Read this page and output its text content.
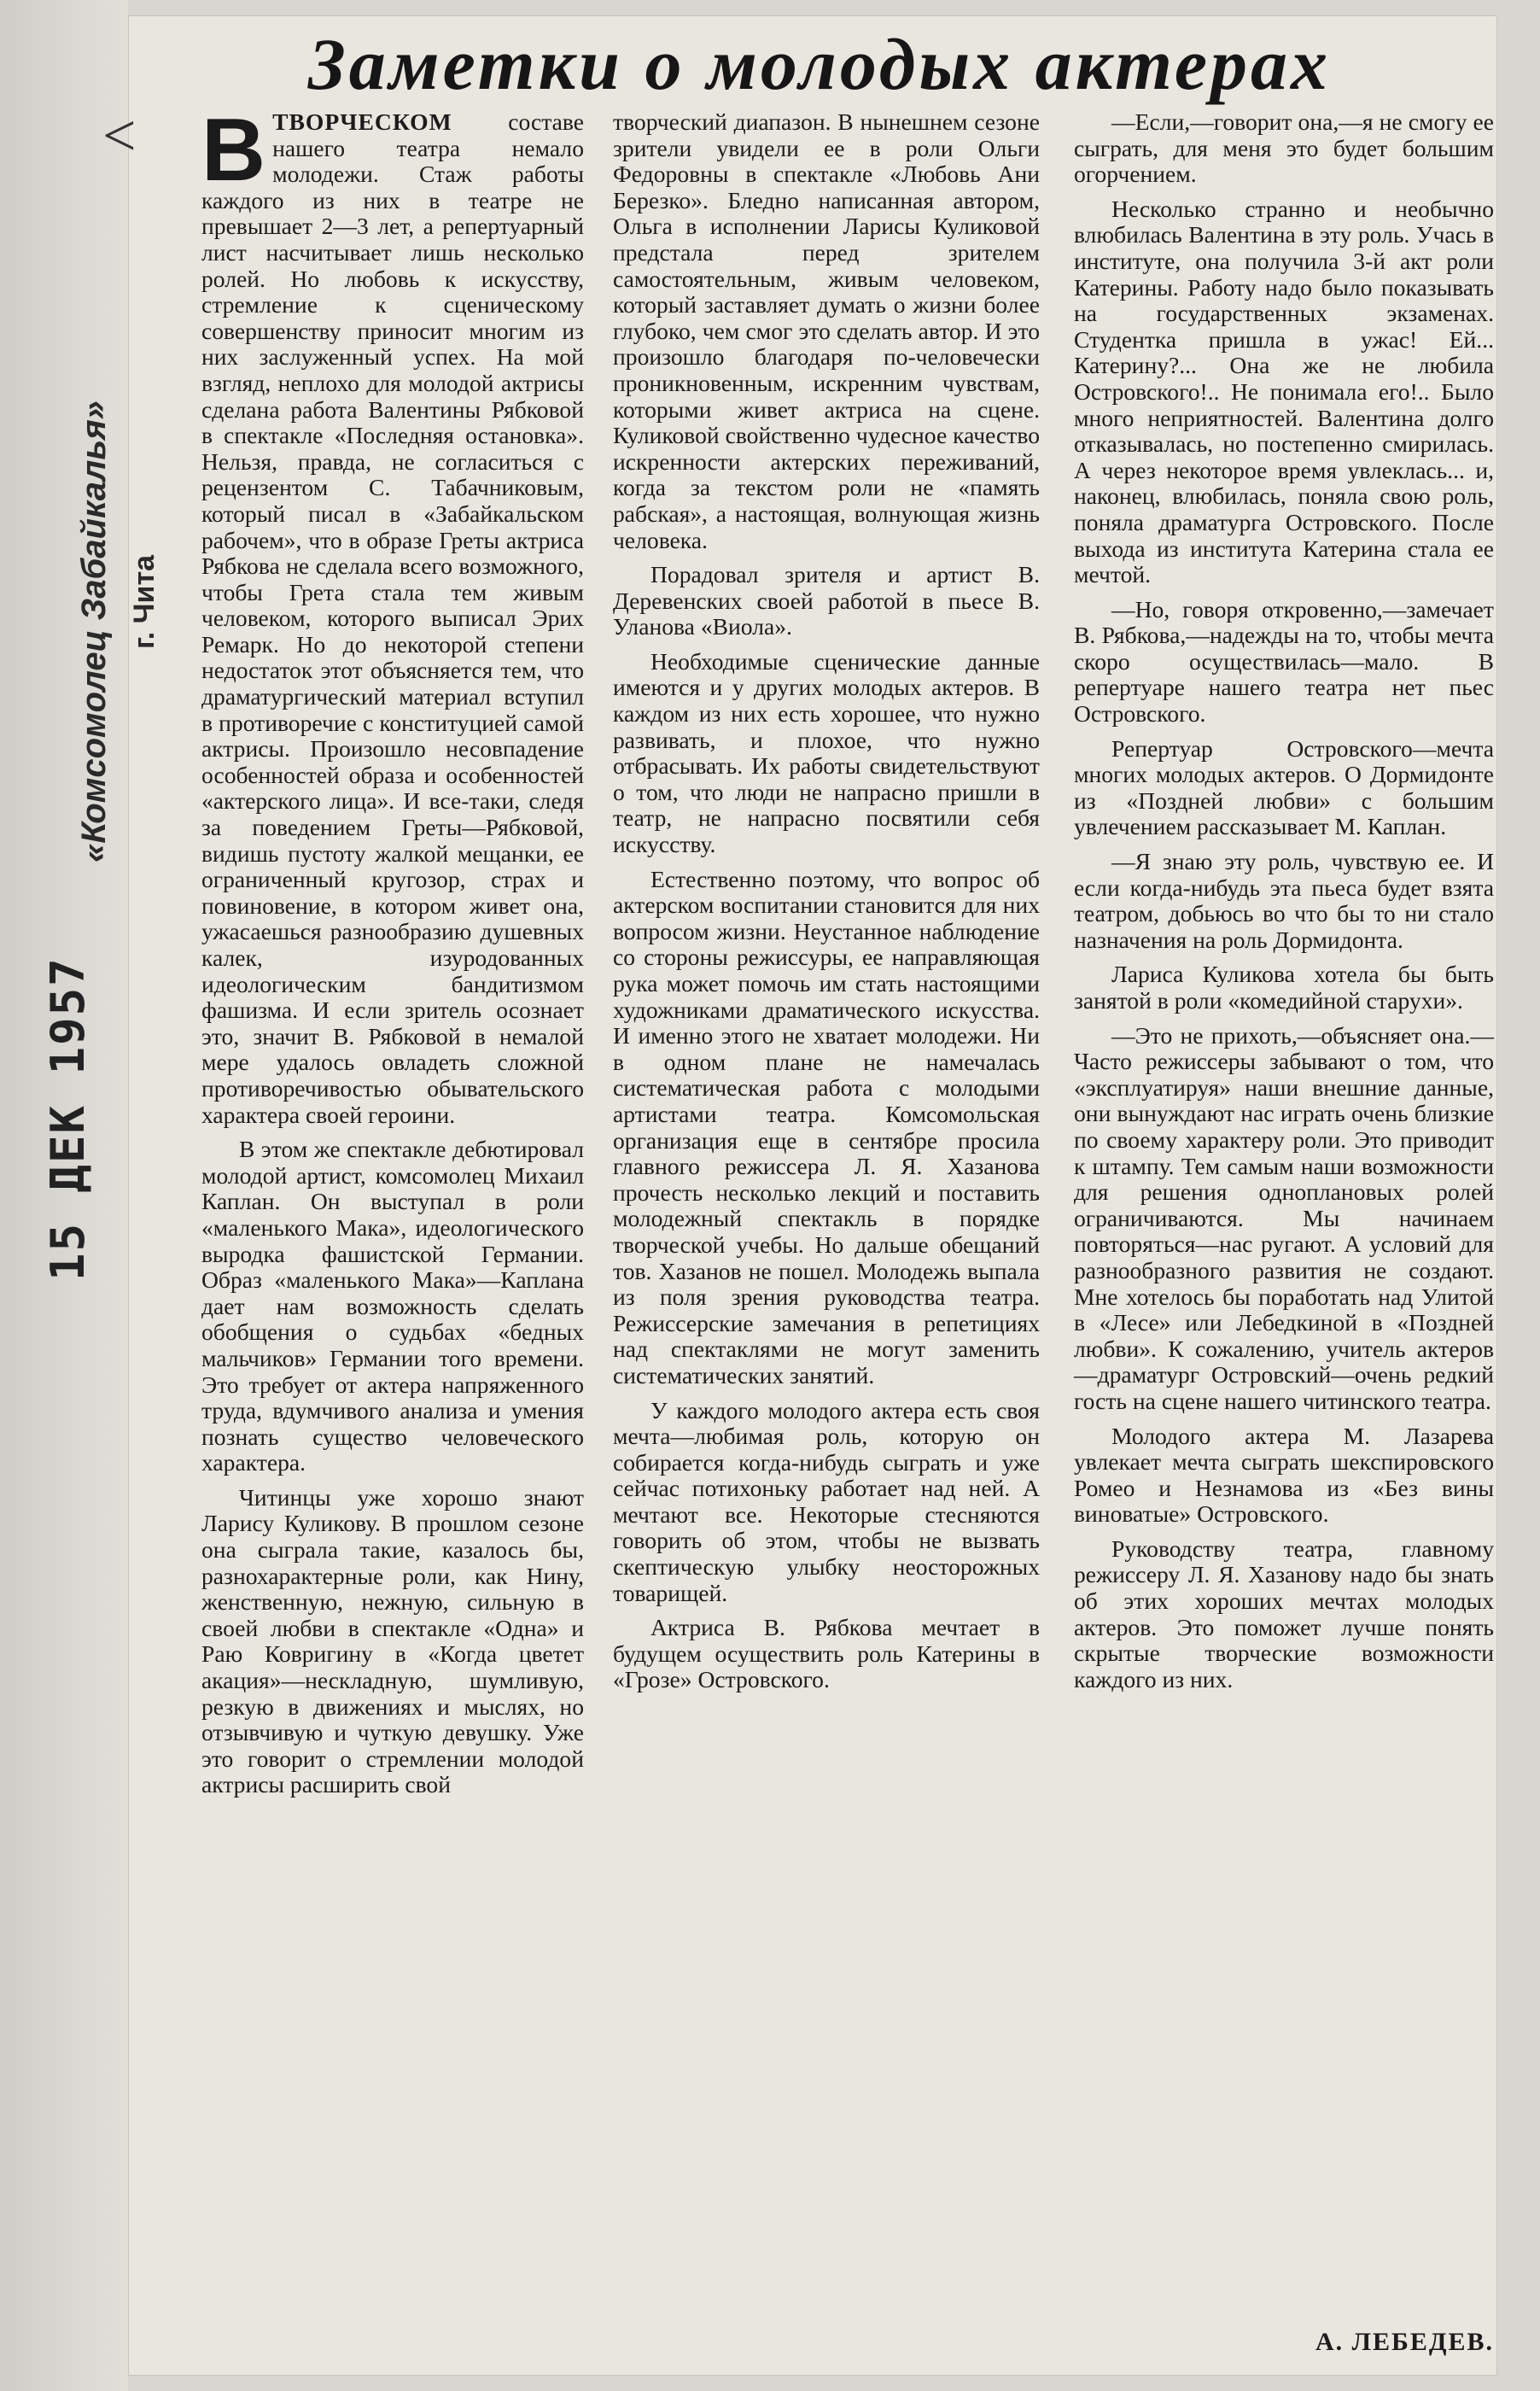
<
«Комсомолец Забайкалья» г. Чита
15 ДЕК 1957
Заметки о молодых актерах

ВТВОРЧЕСКОМ составе нашего театра немало молодежи. Стаж работы каждого из них в театре не превышает 2—3 лет, а репертуарный лист насчитывает лишь несколько ролей. Но любовь к искусству, стремление к сценическому совершенству приносит многим из них заслуженный успех. На мой взгляд, неплохо для молодой актрисы сделана работа Валентины Рябковой в спектакле «Последняя остановка». Нельзя, правда, не согласиться с рецензентом С. Табачниковым, который писал в «Забайкальском рабочем», что в образе Греты актриса Рябкова не сделала всего возможного, чтобы Грета стала тем живым человеком, которого выписал Эрих Ремарк. Но до некоторой степени недостаток этот объясняется тем, что драматургический материал вступил в противоречие с конституцией самой актрисы. Произошло несовпадение особенностей образа и особенностей «актерского лица». И все-таки, следя за поведением Греты—Рябковой, видишь пустоту жалкой мещанки, ее ограниченный кругозор, страх и повиновение, в котором живет она, ужасаешься разнообразию душевных калек, изуродованных идеологическим бандитизмом фашизма. И если зритель осознает это, значит В. Рябковой в немалой мере удалось овладеть сложной противоречивостью обывательского характера своей героини.

В этом же спектакле дебютировал молодой артист, комсомолец Михаил Каплан. Он выступал в роли «маленького Мака», идеологического выродка фашистской Германии. Образ «маленького Мака»—Каплана дает нам возможность сделать обобщения о судьбах «бедных мальчиков» Германии того времени. Это требует от актера напряженного труда, вдумчивого анализа и умения познать существо человеческого характера.

Читинцы уже хорошо знают Ларису Куликову. В прошлом сезоне она сыграла такие, казалось бы, разнохарактерные роли, как Нину, женственную, нежную, сильную в своей любви в спектакле «Одна» и Раю Ковригину в «Когда цветет акация»—нескладную, шумливую, резкую в движениях и мыслях, но отзывчивую и чуткую девушку. Уже это говорит о стремлении молодой актрисы расширить свой

творческий диапазон. В нынешнем сезоне зрители увидели ее в роли Ольги Федоровны в спектакле «Любовь Ани Березко». Бледно написанная автором, Ольга в исполнении Ларисы Куликовой предстала перед зрителем самостоятельным, живым человеком, который заставляет думать о жизни более глубоко, чем смог это сделать автор. И это произошло благодаря по-человечески проникновенным, искренним чувствам, которыми живет актриса на сцене. Куликовой свойственно чудесное качество искренности актерских переживаний, когда за текстом роли не «память рабская», а настоящая, волнующая жизнь человека.

Порадовал зрителя и артист В. Деревенских своей работой в пьесе В. Уланова «Виола».

Необходимые сценические данные имеются и у других молодых актеров. В каждом из них есть хорошее, что нужно развивать, и плохое, что нужно отбрасывать. Их работы свидетельствуют о том, что люди не напрасно пришли в театр, не напрасно посвятили себя искусству.

Естественно поэтому, что вопрос об актерском воспитании становится для них вопросом жизни. Неустанное наблюдение со стороны режиссуры, ее направляющая рука может помочь им стать настоящими художниками драматического искусства. И именно этого не хватает молодежи. Ни в одном плане не намечалась систематическая работа с молодыми артистами театра. Комсомольская организация еще в сентябре просила главного режиссера Л. Я. Хазанова прочесть несколько лекций и поставить молодежный спектакль в порядке творческой учебы. Но дальше обещаний тов. Хазанов не пошел. Молодежь выпала из поля зрения руководства театра. Режиссерские замечания в репетициях над спектаклями не могут заменить систематических занятий.

У каждого молодого актера есть своя мечта—любимая роль, которую он собирается когда-нибудь сыграть и уже сейчас потихоньку работает над ней. А мечтают все. Некоторые стесняются говорить об этом, чтобы не вызвать скептическую улыбку неосторожных товарищей.

Актриса В. Рябкова мечтает в будущем осуществить роль Катерины в «Грозе» Островского.

—Если,—говорит она,—я не смогу ее сыграть, для меня это будет большим огорчением.

Несколько странно и необычно влюбилась Валентина в эту роль. Учась в институте, она получила 3-й акт роли Катерины. Работу надо было показывать на государственных экзаменах. Студентка пришла в ужас! Ей... Катерину?... Она же не любила Островского!.. Не понимала его!.. Было много неприятностей. Валентина долго отказывалась, но постепенно смирилась. А через некоторое время увлеклась... и, наконец, влюбилась, поняла свою роль, поняла драматурга Островского. После выхода из института Катерина стала ее мечтой.

—Но, говоря откровенно,—замечает В. Рябкова,—надежды на то, чтобы мечта скоро осуществилась—мало. В репертуаре нашего театра нет пьес Островского.

Репертуар Островского—мечта многих молодых актеров. О Дормидонте из «Поздней любви» с большим увлечением рассказывает М. Каплан.

—Я знаю эту роль, чувствую ее. И если когда-нибудь эта пьеса будет взята театром, добьюсь во что бы то ни стало назначения на роль Дормидонта.

Лариса Куликова хотела бы быть занятой в роли «комедийной старухи».

—Это не прихоть,—объясняет она.—Часто режиссеры забывают о том, что «эксплуатируя» наши внешние данные, они вынуждают нас играть очень близкие по своему характеру роли. Это приводит к штампу. Тем самым наши возможности для решения одноплановых ролей ограничиваются. Мы начинаем повторяться—нас ругают. А условий для разнообразного развития не создают. Мне хотелось бы поработать над Улитой в «Лесе» или Лебедкиной в «Поздней любви». К сожалению, учитель актеров—драматург Островский—очень редкий гость на сцене нашего читинского театра.

Молодого актера М. Лазарева увлекает мечта сыграть шекспировского Ромео и Незнамова из «Без вины виноватые» Островского.

Руководству театра, главному режиссеру Л. Я. Хазанову надо бы знать об этих хороших мечтах молодых актеров. Это поможет лучше понять скрытые творческие возможности каждого из них.

А. ЛЕБЕДЕВ.
